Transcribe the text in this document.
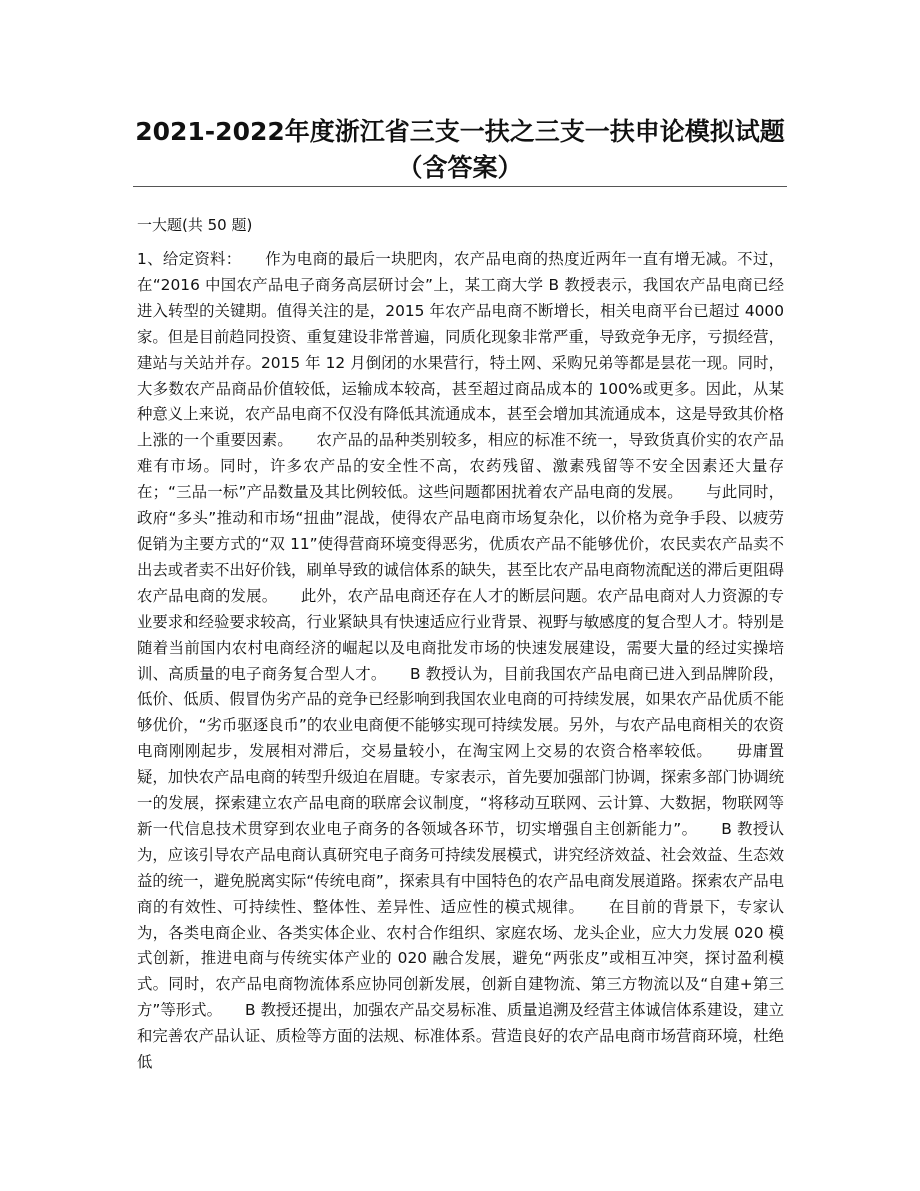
2021-2022年度浙江省三支一扶之三支一扶申论模拟试题（含答案）

一大题(共 50 题)

1、给定资料：　　作为电商的最后一块肥肉，农产品电商的热度近两年一直有增无减。不过，在“2016 中国农产品电子商务高层研讨会”上，某工商大学 B 教授表示，我国农产品电商已经进入转型的关键期。值得关注的是，2015 年农产品电商不断增长，相关电商平台已超过 4000 家。但是目前趋同投资、重复建设非常普遍，同质化现象非常严重，导致竞争无序，亏损经营，建站与关站并存。2015 年 12 月倒闭的水果营行，特土网、采购兄弟等都是昙花一现。同时，大多数农产品商品价值较低，运输成本较高，甚至超过商品成本的 100%或更多。因此，从某种意义上来说，农产品电商不仅没有降低其流通成本，甚至会增加其流通成本，这是导致其价格上涨的一个重要因素。　　农产品的品种类别较多，相应的标准不统一，导致货真价实的农产品难有市场。同时，许多农产品的安全性不高，农药残留、激素残留等不安全因素还大量存在；“三品一标”产品数量及其比例较低。这些问题都困扰着农产品电商的发展。　　与此同时，政府“多头”推动和市场“扭曲”混战，使得农产品电商市场复杂化，以价格为竞争手段、以疲劳促销为主要方式的“双 11”使得营商环境变得恶劣，优质农产品不能够优价，农民卖农产品卖不出去或者卖不出好价钱，刷单导致的诚信体系的缺失，甚至比农产品电商物流配送的滞后更阻碍农产品电商的发展。　　此外，农产品电商还存在人才的断层问题。农产品电商对人力资源的专业要求和经验要求较高，行业紧缺具有快速适应行业背景、视野与敏感度的复合型人才。特别是随着当前国内农村电商经济的崛起以及电商批发市场的快速发展建设，需要大量的经过实操培训、高质量的电子商务复合型人才。　　B 教授认为，目前我国农产品电商已进入到品牌阶段，低价、低质、假冒伪劣产品的竞争已经影响到我国农业电商的可持续发展，如果农产品优质不能够优价，“劣币驱逐良币”的农业电商便不能够实现可持续发展。另外，与农产品电商相关的农资电商刚刚起步，发展相对滞后，交易量较小，在淘宝网上交易的农资合格率较低。　　毋庸置疑，加快农产品电商的转型升级迫在眉睫。专家表示，首先要加强部门协调，探索多部门协调统一的发展，探索建立农产品电商的联席会议制度，“将移动互联网、云计算、大数据，物联网等新一代信息技术贯穿到农业电子商务的各领域各环节，切实增强自主创新能力”。　　B 教授认为，应该引导农产品电商认真研究电子商务可持续发展模式，讲究经济效益、社会效益、生态效益的统一，避免脱离实际“传统电商”，探索具有中国特色的农产品电商发展道路。探索农产品电商的有效性、可持续性、整体性、差异性、适应性的模式规律。　　在目前的背景下，专家认为，各类电商企业、各类实体企业、农村合作组织、家庭农场、龙头企业，应大力发展 020 模式创新，推进电商与传统实体产业的 020 融合发展，避免“两张皮”或相互冲突，探讨盈利模式。同时，农产品电商物流体系应协同创新发展，创新自建物流、第三方物流以及“自建+第三方”等形式。　　B 教授还提出，加强农产品交易标准、质量追溯及经营主体诚信体系建设，建立和完善农产品认证、质检等方面的法规、标准体系。营造良好的农产品电商市场营商环境，杜绝低
